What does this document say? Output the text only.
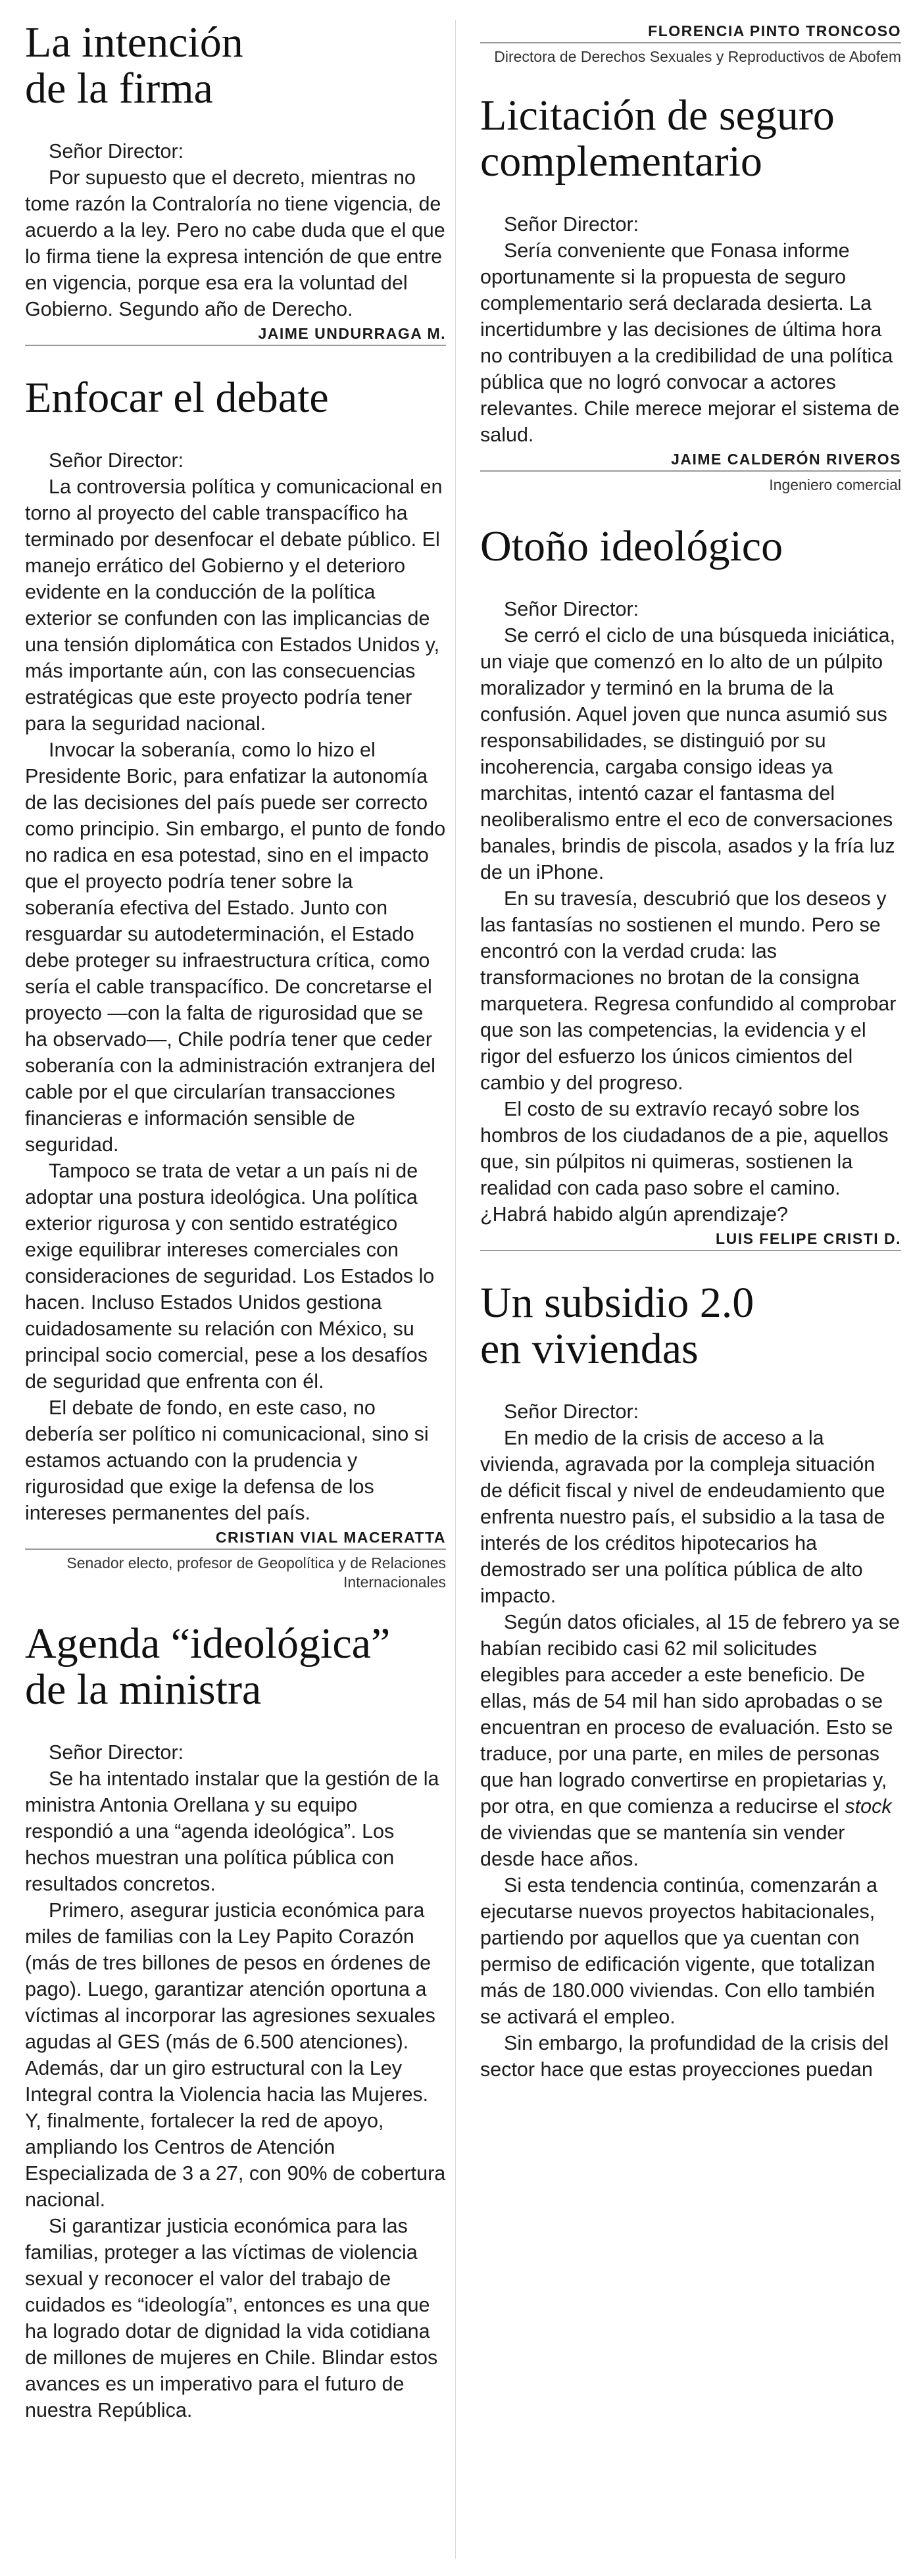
La intención
de la firma

Señor Director:

Por supuesto que el decreto, mientras no tome razón la Contraloría no tiene vigencia, de acuerdo a la ley. Pero no cabe duda que el que lo firma tiene la expresa intención de que entre en vigencia, porque esa era la voluntad del Gobierno. Segundo año de Derecho.

JAIME UNDURRAGA M.

Enfocar el debate

Señor Director:

La controversia política y comunicacional en torno al proyecto del cable transpacífico ha terminado por desenfocar el debate público. El manejo errático del Gobierno y el deterioro evidente en la conducción de la política exterior se confunden con las implicancias de una tensión diplomática con Estados Unidos y, más importante aún, con las consecuencias estratégicas que este proyecto podría tener para la seguridad nacional.

Invocar la soberanía, como lo hizo el Presidente Boric, para enfatizar la autonomía de las decisiones del país puede ser correcto como principio. Sin embargo, el punto de fondo no radica en esa potestad, sino en el impacto que el proyecto podría tener sobre la soberanía efectiva del Estado. Junto con resguardar su autodeterminación, el Estado debe proteger su infraestructura crítica, como sería el cable transpacífico. De concretarse el proyecto —con la falta de rigurosidad que se ha observado—, Chile podría tener que ceder soberanía con la administración extranjera del cable por el que circularían transacciones financieras e información sensible de seguridad.

Tampoco se trata de vetar a un país ni de adoptar una postura ideológica. Una política exterior rigurosa y con sentido estratégico exige equilibrar intereses comerciales con consideraciones de seguridad. Los Estados lo hacen. Incluso Estados Unidos gestiona cuidadosamente su relación con México, su principal socio comercial, pese a los desafíos de seguridad que enfrenta con él.

El debate de fondo, en este caso, no debería ser político ni comunicacional, sino si estamos actuando con la prudencia y rigurosidad que exige la defensa de los intereses permanentes del país.

CRISTIAN VIAL MACERATTA

Senador electo, profesor de Geopolítica y de Relaciones Internacionales

Agenda “ideológica”
de la ministra

Señor Director:

Se ha intentado instalar que la gestión de la ministra Antonia Orellana y su equipo respondió a una “agenda ideológica”. Los hechos muestran una política pública con resultados concretos.

Primero, asegurar justicia económica para miles de familias con la Ley Papito Corazón (más de tres billones de pesos en órdenes de pago). Luego, garantizar atención oportuna a víctimas al incorporar las agresiones sexuales agudas al GES (más de 6.500 atenciones). Además, dar un giro estructural con la Ley Integral contra la Violencia hacia las Mujeres. Y, finalmente, fortalecer la red de apoyo, ampliando los Centros de Atención Especializada de 3 a 27, con 90% de cobertura nacional.

Si garantizar justicia económica para las familias, proteger a las víctimas de violencia sexual y reconocer el valor del trabajo de cuidados es “ideología”, entonces es una que ha logrado dotar de dignidad la vida cotidiana de millones de mujeres en Chile. Blindar estos avances es un imperativo para el futuro de nuestra República.

FLORENCIA PINTO TRONCOSO

Directora de Derechos Sexuales y Reproductivos de Abofem

Licitación de seguro
complementario

Señor Director:

Sería conveniente que Fonasa informe oportunamente si la propuesta de seguro complementario será declarada desierta. La incertidumbre y las decisiones de última hora no contribuyen a la credibilidad de una política pública que no logró convocar a actores relevantes. Chile merece mejorar el sistema de salud.

JAIME CALDERÓN RIVEROS

Ingeniero comercial

Otoño ideológico

Señor Director:

Se cerró el ciclo de una búsqueda iniciática, un viaje que comenzó en lo alto de un púlpito moralizador y terminó en la bruma de la confusión. Aquel joven que nunca asumió sus responsabilidades, se distinguió por su incoherencia, cargaba consigo ideas ya marchitas, intentó cazar el fantasma del neoliberalismo entre el eco de conversaciones banales, brindis de piscola, asados y la fría luz de un iPhone.

En su travesía, descubrió que los deseos y las fantasías no sostienen el mundo. Pero se encontró con la verdad cruda: las transformaciones no brotan de la consigna marquetera. Regresa confundido al comprobar que son las competencias, la evidencia y el rigor del esfuerzo los únicos cimientos del cambio y del progreso.

El costo de su extravío recayó sobre los hombros de los ciudadanos de a pie, aquellos que, sin púlpitos ni quimeras, sostienen la realidad con cada paso sobre el camino. ¿Habrá habido algún aprendizaje?

LUIS FELIPE CRISTI D.

Un subsidio 2.0
en viviendas

Señor Director:

En medio de la crisis de acceso a la vivienda, agravada por la compleja situación de déficit fiscal y nivel de endeudamiento que enfrenta nuestro país, el subsidio a la tasa de interés de los créditos hipotecarios ha demostrado ser una política pública de alto impacto.

Según datos oficiales, al 15 de febrero ya se habían recibido casi 62 mil solicitudes elegibles para acceder a este beneficio. De ellas, más de 54 mil han sido aprobadas o se encuentran en proceso de evaluación. Esto se traduce, por una parte, en miles de personas que han logrado convertirse en propietarias y, por otra, en que comienza a reducirse el stock de viviendas que se mantenía sin vender desde hace años.

Si esta tendencia continúa, comenzarán a ejecutarse nuevos proyectos habitacionales, partiendo por aquellos que ya cuentan con permiso de edificación vigente, que totalizan más de 180.000 viviendas. Con ello también se activará el empleo.

Sin embargo, la profundidad de la crisis del sector hace que estas proyecciones puedan
